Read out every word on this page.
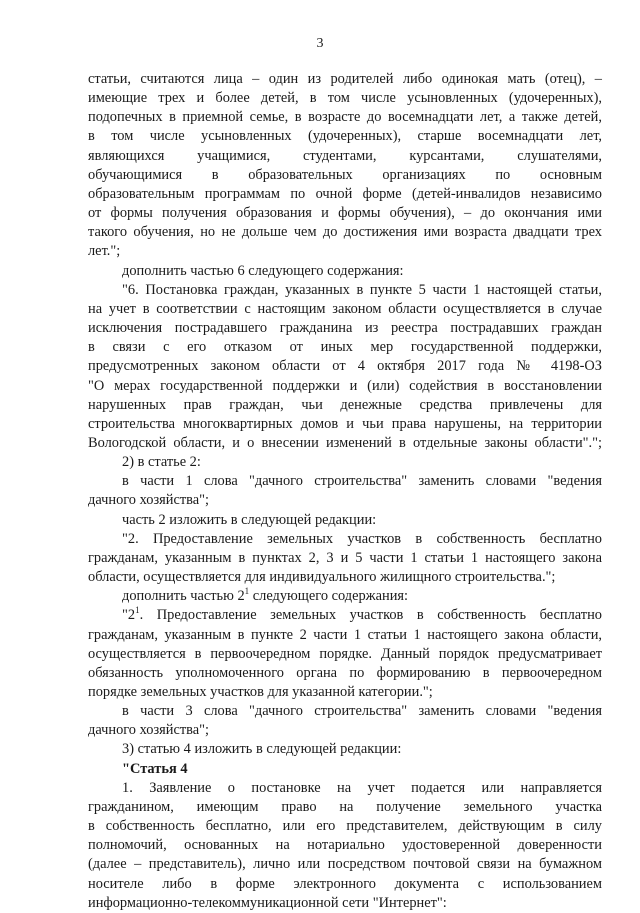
3

статьи, считаются лица – один из родителей либо одинокая мать (отец), –

имеющие трех и более детей, в том числе усыновленных (удочеренных),

подопечных в приемной семье, в возрасте до восемнадцати лет, а также детей,

в том числе усыновленных (удочеренных), старше восемнадцати лет,

являющихся учащимися, студентами, курсантами, слушателями,

обучающимися в образовательных организациях по основным

образовательным программам по очной форме (детей-инвалидов независимо

от формы получения образования и формы обучения), – до окончания ими

такого обучения, но не дольше чем до достижения ими возраста двадцати трех

лет.";

дополнить частью 6 следующего содержания:

"6. Постановка граждан, указанных в пункте 5 части 1 настоящей статьи,

на учет в соответствии с настоящим законом области осуществляется в случае

исключения пострадавшего гражданина из реестра пострадавших граждан

в связи с его отказом от иных мер государственной поддержки,

предусмотренных законом области от 4 октября 2017 года № 4198-ОЗ

"О мерах государственной поддержки и (или) содействия в восстановлении

нарушенных прав граждан, чьи денежные средства привлечены для

строительства многоквартирных домов и чьи права нарушены, на территории

Вологодской области, и о внесении изменений в отдельные законы области".";

2) в статье 2:

в части 1 слова "дачного строительства" заменить словами "ведения

дачного хозяйства";

часть 2 изложить в следующей редакции:

"2. Предоставление земельных участков в собственность бесплатно

гражданам, указанным в пунктах 2, 3 и 5 части 1 статьи 1 настоящего закона

области, осуществляется для индивидуального жилищного строительства.";

дополнить частью $2^1$ следующего содержания:

"$2^1$. Предоставление земельных участков в собственность бесплатно

гражданам, указанным в пункте 2 части 1 статьи 1 настоящего закона области,

осуществляется в первоочередном порядке. Данный порядок предусматривает

обязанность уполномоченного органа по формированию в первоочередном

порядке земельных участков для указанной категории.";

в части 3 слова "дачного строительства" заменить словами "ведения

дачного хозяйства";

3) статью 4 изложить в следующей редакции:

"Статья 4

1. Заявление о постановке на учет подается или направляется

гражданином, имеющим право на получение земельного участка

в собственность бесплатно, или его представителем, действующим в силу

полномочий, основанных на нотариально удостоверенной доверенности

(далее – представитель), лично или посредством почтовой связи на бумажном

носителе либо в форме электронного документа с использованием

информационно-телекоммуникационной сети "Интернет":
